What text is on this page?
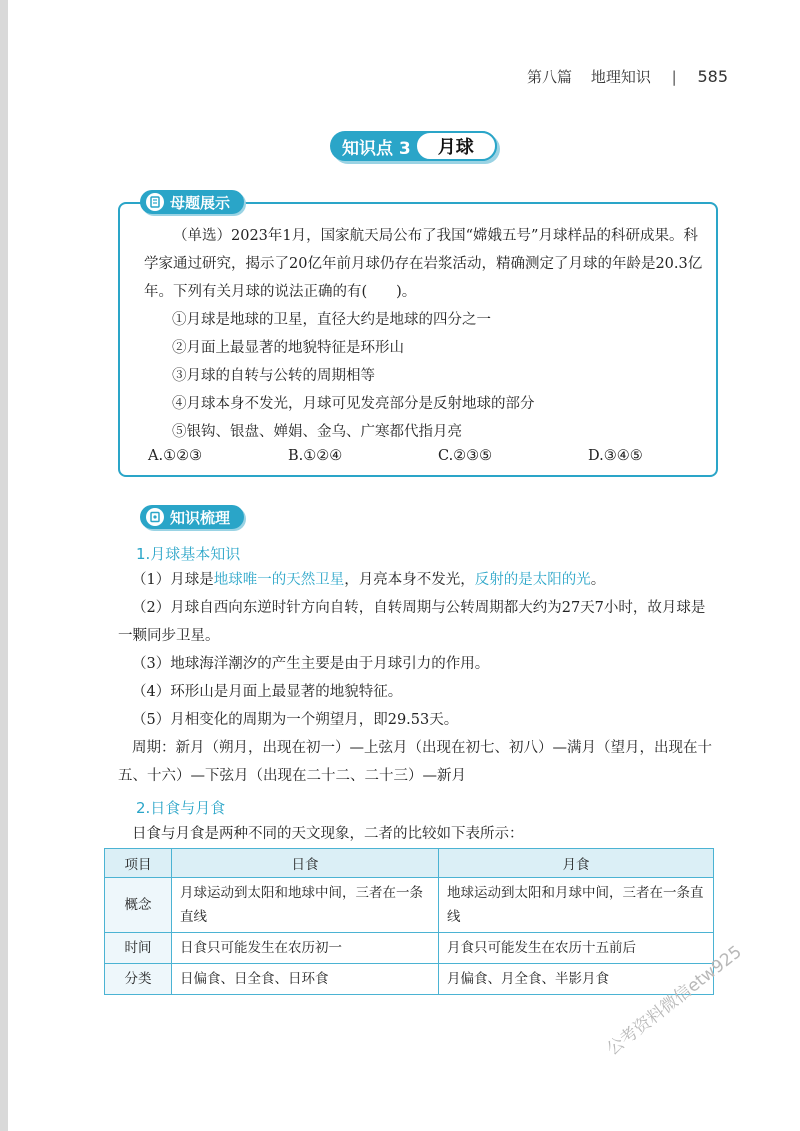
第八篇 地理知识 | 585
知识点 3	月球
母题展示

（单选）2023年1月，国家航天局公布了我国“嫦娥五号”月球样品的科研成果。科学家通过研究，揭示了20亿年前月球仍存在岩浆活动，精确测定了月球的年龄是20.3亿年。下列有关月球的说法正确的有(　　)。

①月球是地球的卫星，直径大约是地球的四分之一

②月面上最显著的地貌特征是环形山

③月球的自转与公转的周期相等

④月球本身不发光，月球可见发亮部分是反射地球的部分

⑤银钩、银盘、婵娟、金乌、广寒都代指月亮

A.①②③	B.①②④	C.②③⑤	D.③④⑤
知识梳理
1.月球基本知识

（1）月球是地球唯一的天然卫星，月亮本身不发光，反射的是太阳的光。

（2）月球自西向东逆时针方向自转，自转周期与公转周期都大约为27天7小时，故月球是一颗同步卫星。

（3）地球海洋潮汐的产生主要是由于月球引力的作用。

（4）环形山是月面上最显著的地貌特征。

（5）月相变化的周期为一个朔望月，即29.53天。

周期：新月（朔月，出现在初一）—上弦月（出现在初七、初八）—满月（望月，出现在十五、十六）—下弦月（出现在二十二、二十三）—新月

2.日食与月食

日食与月食是两种不同的天文现象，二者的比较如下表所示：

项目	日食	月食
概念	月球运动到太阳和地球中间，三者在一条直线	地球运动到太阳和月球中间，三者在一条直线
时间	日食只可能发生在农历初一	月食只可能发生在农历十五前后
分类	日偏食、日全食、日环食	月偏食、月全食、半影月食
公考资料微信etw925
